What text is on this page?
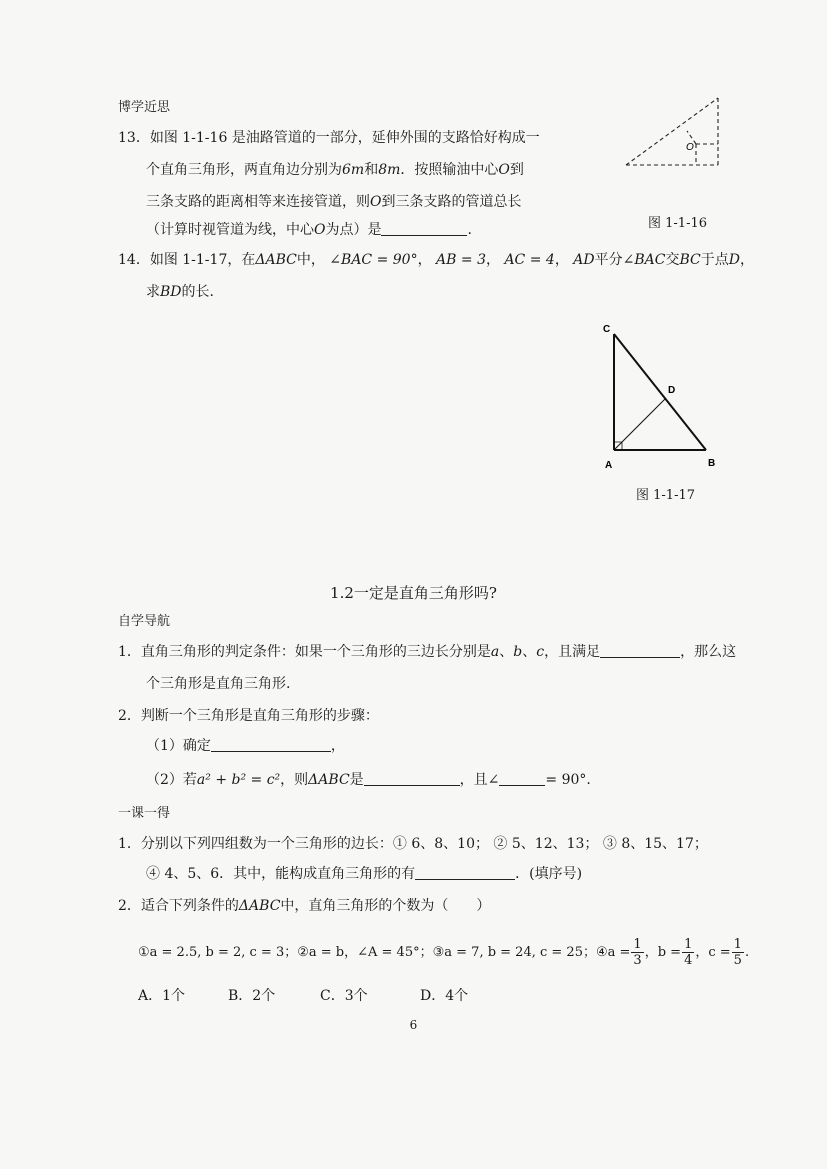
博学近思
13．如图 1-1-16 是油路管道的一部分，延伸外围的支路恰好构成一
个直角三角形，两直角边分别为6m和8m．按照输油中心O到
三条支路的距离相等来连接管道，则O到三条支路的管道总长
（计算时视管道为线，中心O为点）是	.
O
图 1-1-16
14．如图 1-1-17，在ΔABC中， ∠BAC = 90°， AB = 3， AC = 4， AD平分∠BAC交BC于点D，
求BD的长.
C
D
A	B
图 1-1-17
1.2一定是直角三角形吗?
自学导航
1．直角三角形的判定条件：如果一个三角形的三边长分别是a、b、c，且满足	，那么这
个三角形是直角三角形.
2．判断一个三角形是直角三角形的步骤：
（1）确定	，
（2）若a² + b² = c²，则ΔABC是	，且∠	= 90°.
一课一得
1．分别以下列四组数为一个三角形的边长：① 6、8、10； ② 5、12、13； ③ 8、15、17；
④ 4、5、6．其中，能构成直角三角形的有	．(填序号)
2．适合下列条件的ΔABC中，直角三角形的个数为（　　）
①a = 2.5, b = 2, c = 3；②a = b，∠A = 45°；③a = 7, b = 24, c = 25；④a = $\frac{1}{3}$ ，$b = \frac{1}{4}$ ，$c = \frac{1}{5}$ .
A．1个	B．2个	C．3个	D．4个
6
